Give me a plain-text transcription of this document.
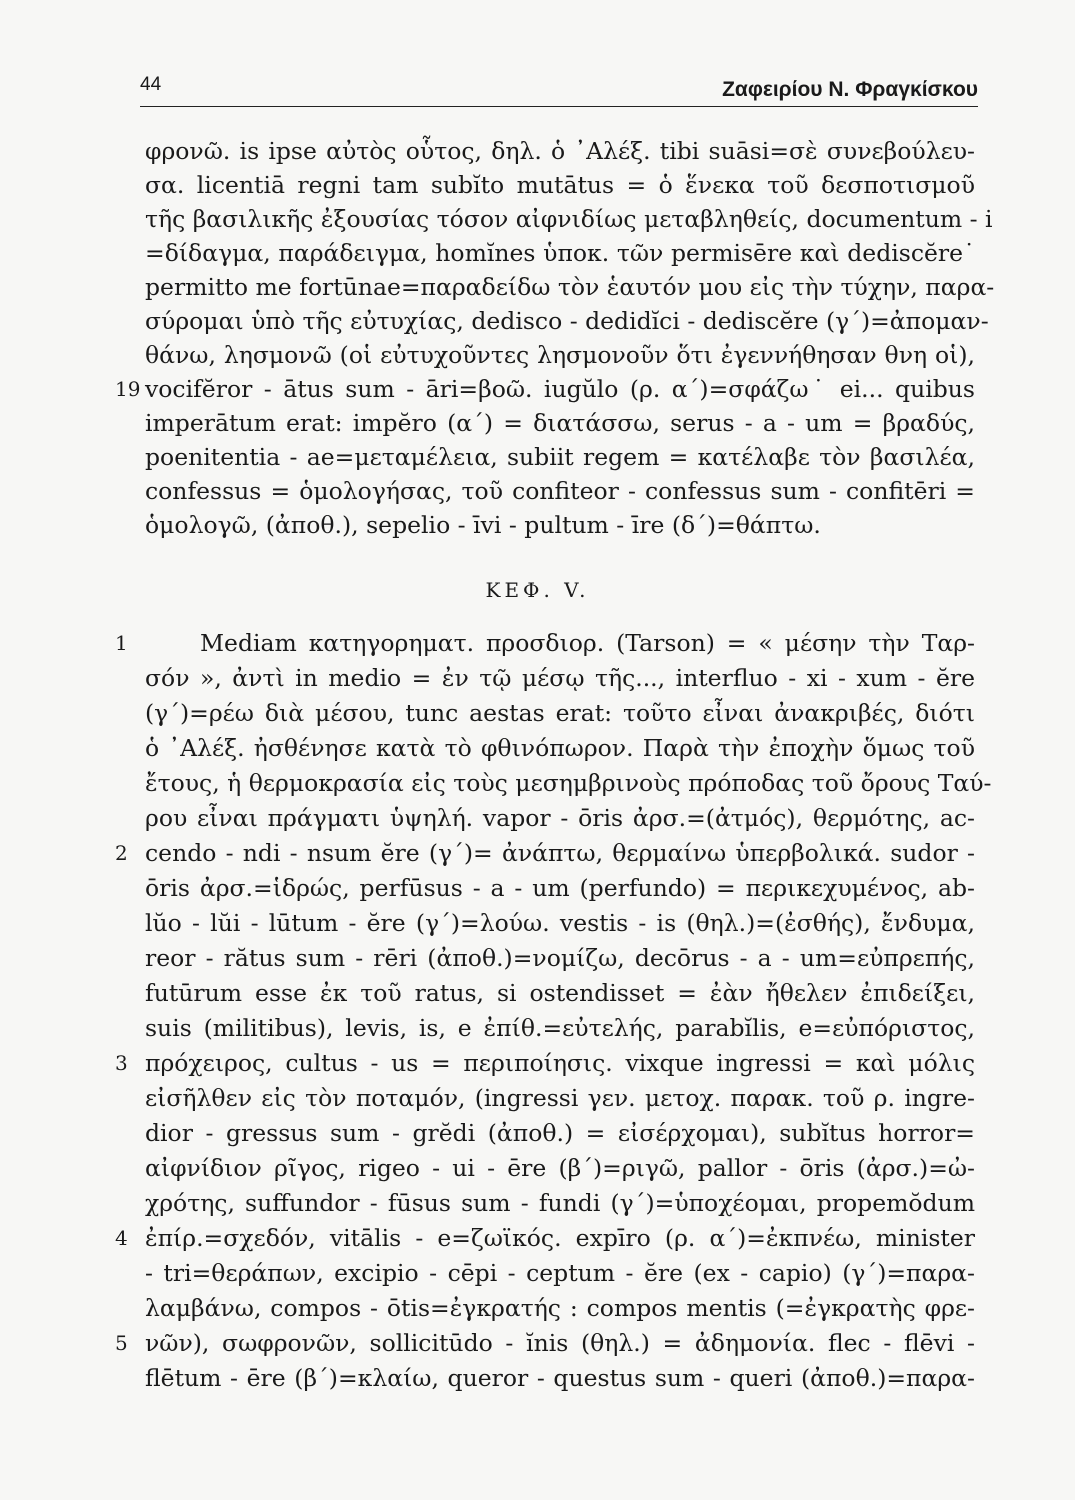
44	Ζαφειρίου Ν. Φραγκίσκου
φρονῶ. is ipse αὐτὸς οὗτος, δηλ. ὁ ᾽Αλέξ. tibi suāsi=σὲ συνεβούλευ-
σα. licentiā regni tam subĭto mutātus = ὁ ἕνεκα τοῦ δεσποτισμοῦ
τῆς βασιλικῆς ἐξουσίας τόσον αἰφνιδίως μεταβληθείς, documentum - i
=δίδαγμα, παράδειγμα, homĭnes ὑποκ. τῶν permisēre καὶ dediscĕre˙
permitto me fortūnae=παραδείδω τὸν ἑαυτόν μου εἰς τὴν τύχην, παρα-
σύρομαι ὑπὸ τῆς εὐτυχίας, dedisco - dedidĭci - dediscĕre (γ΄)=ἀπομαν-
θάνω, λησμονῶ (οἱ εὐτυχοῦντες λησμονοῦν ὅτι ἐγεννήθησαν θνη οἱ),
19 vocifĕror - ātus sum - āri=βοῶ. iugŭlo (ρ. α΄)=σφάζω˙ ei... quibus
imperātum erat: impĕro (α΄) = διατάσσω, serus - a - um = βραδύς,
poenitentia - ae=μεταμέλεια, subiit regem = κατέλαβε τὸν βασιλέα,
confessus = ὁμολογήσας, τοῦ confiteor - confessus sum - confitēri =
ὁμολογῶ, (ἀποθ.), sepelio - īvi - pultum - īre (δ΄)=θάπτω.
ΚΕΦ. V.
1	Mediam κατηγορηματ. προσδιορ. (Tarson) = « μέσην τὴν Ταρ-
σόν », ἀντὶ in medio = ἐν τῷ μέσῳ τῆς..., interfluo - xi - xum - ĕre
(γ΄)=ρέω διὰ μέσου, tunc aestas erat: τοῦτο εἶναι ἀνακριβές, διότι
ὁ ᾽Αλέξ. ἠσθένησε κατὰ τὸ φθινόπωρον. Παρὰ τὴν ἐποχὴν ὅμως τοῦ
ἔτους, ἡ θερμοκρασία εἰς τοὺς μεσημβρινοὺς πρόποδας τοῦ ὄρους Ταύ-
ρου εἶναι πράγματι ὑψηλή. vapor - ōris ἀρσ.=(ἀτμός), θερμότης, ac-
2 cendo - ndi - nsum ĕre (γ΄)= ἀνάπτω, θερμαίνω ὑπερβολικά. sudor -
ōris ἀρσ.=ἱδρώς, perfūsus - a - um (perfundo) = περικεχυμένος, ab-
lŭo - lŭi - lūtum - ĕre (γ΄)=λούω. vestis - is (θηλ.)=(ἐσθής), ἔνδυμα,
reor - rătus sum - rēri (ἀποθ.)=νομίζω, decōrus - a - um=εὐπρεπής,
futūrum esse ἐκ τοῦ ratus, si ostendisset = ἐὰν ἤθελεν ἐπιδείξει,
suis (militibus), levis, is, e ἐπίθ.=εὐτελής, parabĭlis, e=εὐπόριστος,
3 πρόχειρος, cultus - us = περιποίησις. vixque ingressi = καὶ μόλις
εἰσῆλθεν εἰς τὸν ποταμόν, (ingressi γεν. μετοχ. παρακ. τοῦ ρ. ingre-
dior - gressus sum - grĕdi (ἀποθ.) = εἰσέρχομαι), subĭtus horror=
αἰφνίδιον ρῖγος, rigeo - ui - ēre (β΄)=ριγῶ, pallor - ōris (ἀρσ.)=ὠ-
χρότης, suffundor - fūsus sum - fundi (γ΄)=ὑποχέομαι, propemŏdum
4 ἐπίρ.=σχεδόν, vitālis - e=ζωϊκός. expīro (ρ. α΄)=ἐκπνέω, minister
- tri=θεράπων, excipio - cēpi - ceptum - ĕre (ex - capio) (γ΄)=παρα-
λαμβάνω, compos - ōtis=ἐγκρατής : compos mentis (=ἐγκρατὴς φρε-
5 νῶν), σωφρονῶν, sollicitūdo - ĭnis (θηλ.) = ἀδημονία. flec - flēvi -
flētum - ēre (β΄)=κλαίω, queror - questus sum - queri (ἀποθ.)=παρα-
